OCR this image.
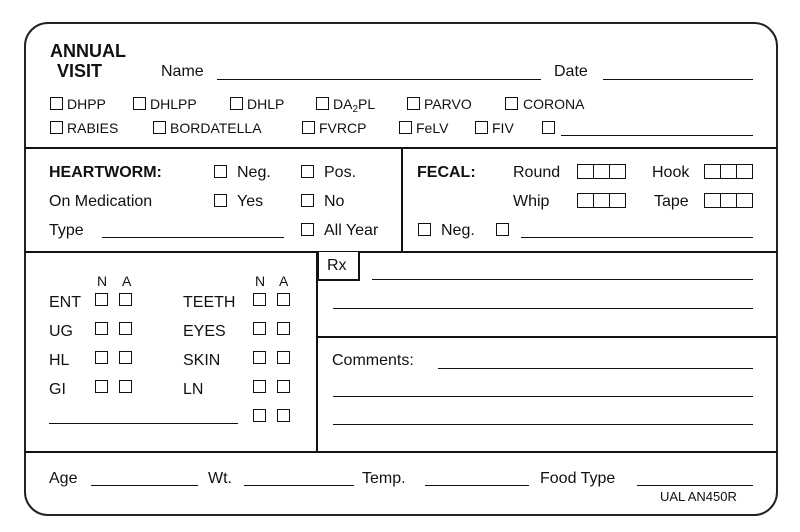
ANNUAL
VISIT	Name	Date
DHPP	DHLPP	DHLP	$DA_2PL$	PARVO	CORONA
RABIES	BORDATELLA	FVRCP	FeLV	FIV
HEARTWORM:	Neg.	Pos.
On Medication	Yes	No
Type	All Year
FECAL: Round	Hook
Whip	Tape
Neg.
N A	N A
ENT	TEETH
UG	EYES
HL	SKIN
GI	LN
Rx
Comments:
Age	Wt.	Temp.	Food Type
UAL AN450R
